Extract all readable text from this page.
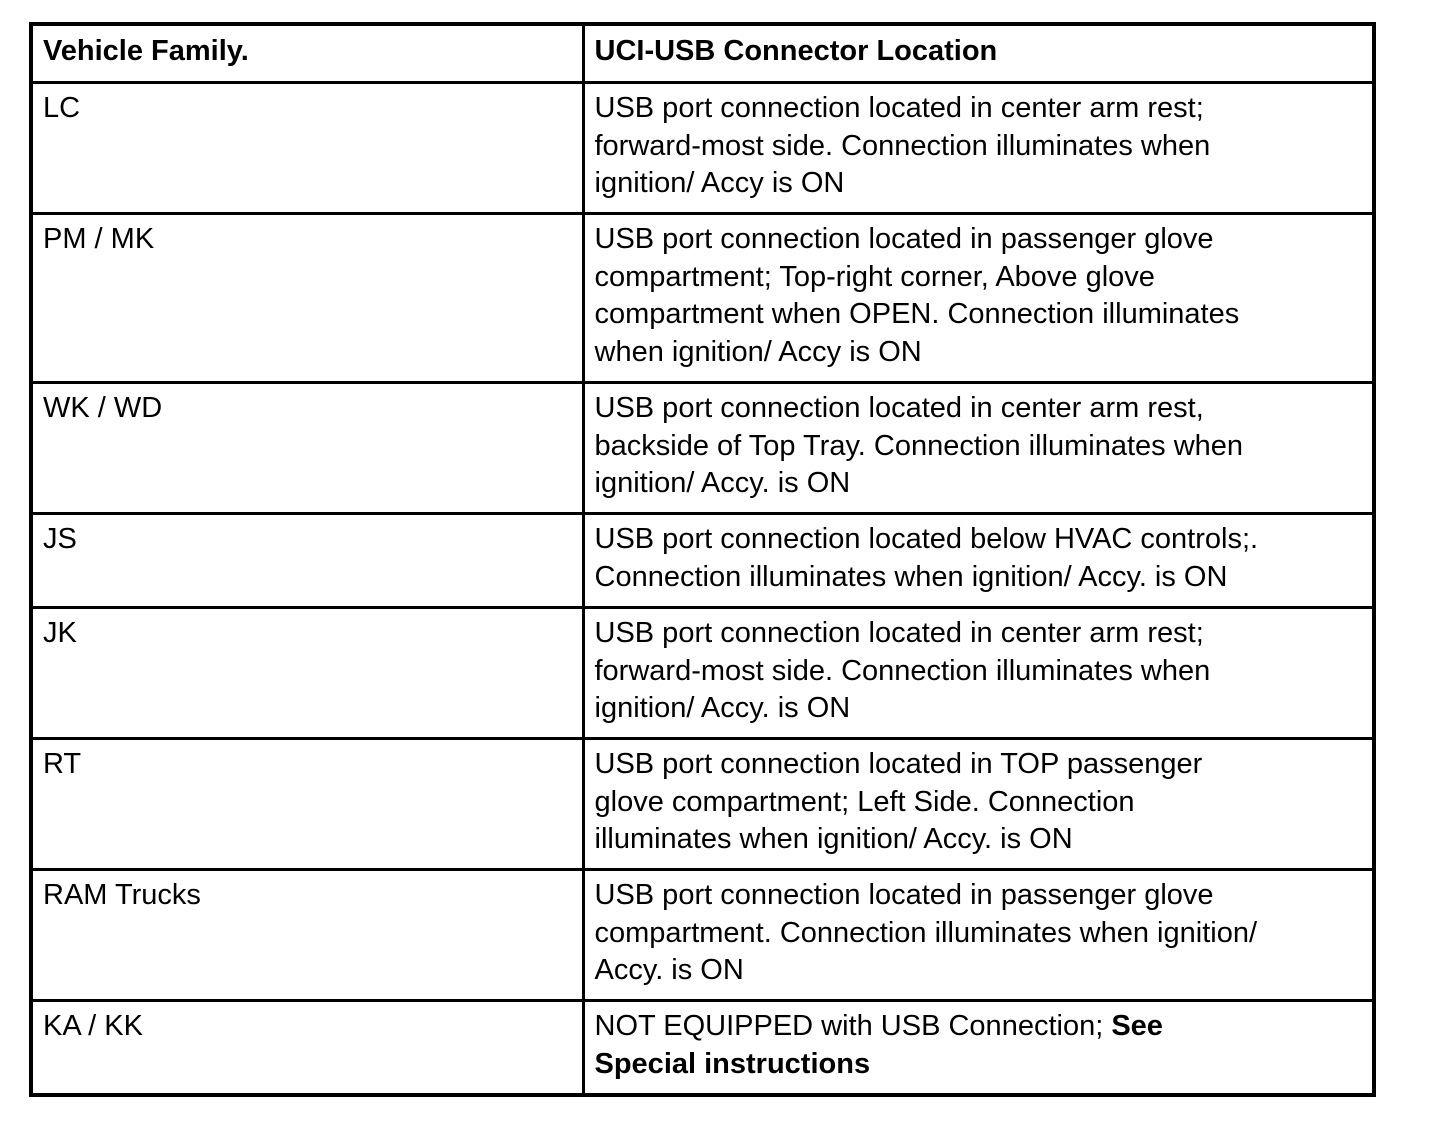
Vehicle Family.	UCI-USB Connector Location
LC	USB port connection located in center arm rest;
forward-most side. Connection illuminates when
ignition/ Accy is ON
PM / MK	USB port connection located in passenger glove
compartment; Top-right corner, Above glove
compartment when OPEN. Connection illuminates
when ignition/ Accy is ON
WK / WD	USB port connection located in center arm rest,
backside of Top Tray. Connection illuminates when
ignition/ Accy. is ON
JS	USB port connection located below HVAC controls;.
Connection illuminates when ignition/ Accy. is ON
JK	USB port connection located in center arm rest;
forward-most side. Connection illuminates when
ignition/ Accy. is ON
RT	USB port connection located in TOP passenger
glove compartment; Left Side. Connection
illuminates when ignition/ Accy. is ON
RAM Trucks	USB port connection located in passenger glove
compartment. Connection illuminates when ignition/
Accy. is ON
KA / KK	NOT EQUIPPED with USB Connection; See
Special instructions
